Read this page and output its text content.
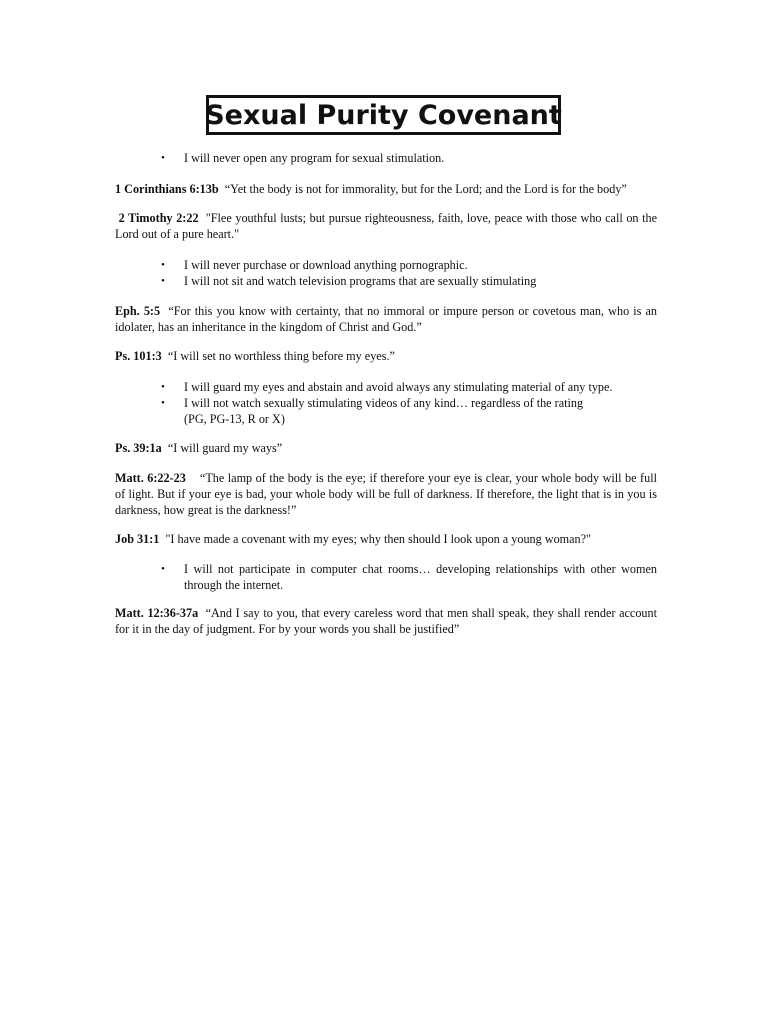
Sexual Purity Covenant
•	I will never open any program for sexual stimulation.
1 Corinthians 6:13b “Yet the body is not for immorality, but for the Lord; and the Lord is for the body”
2 Timothy 2:22 "Flee youthful lusts; but pursue righteousness, faith, love, peace with those who call on the Lord out of a pure heart."
•	I will never purchase or download anything pornographic.
•	I will not sit and watch television programs that are sexually stimulating
Eph. 5:5 “For this you know with certainty, that no immoral or impure person or covetous man, who is an idolater, has an inheritance in the kingdom of Christ and God.”
Ps. 101:3 “I will set no worthless thing before my eyes.”
•	I will guard my eyes and abstain and avoid always any stimulating material of any type.
•	I will not watch sexually stimulating videos of any kind… regardless of the rating
(PG, PG-13, R or X)
Ps. 39:1a “I will guard my ways”
Matt. 6:22-23 “The lamp of the body is the eye; if therefore your eye is clear, your whole body will be full of light. But if your eye is bad, your whole body will be full of darkness. If therefore, the light that is in you is darkness, how great is the darkness!”
Job 31:1 "I have made a covenant with my eyes; why then should I look upon a young woman?"
•	I will not participate in computer chat rooms… developing relationships with other women through the internet.
Matt. 12:36-37a “And I say to you, that every careless word that men shall speak, they shall render account for it in the day of judgment. For by your words you shall be justified”
